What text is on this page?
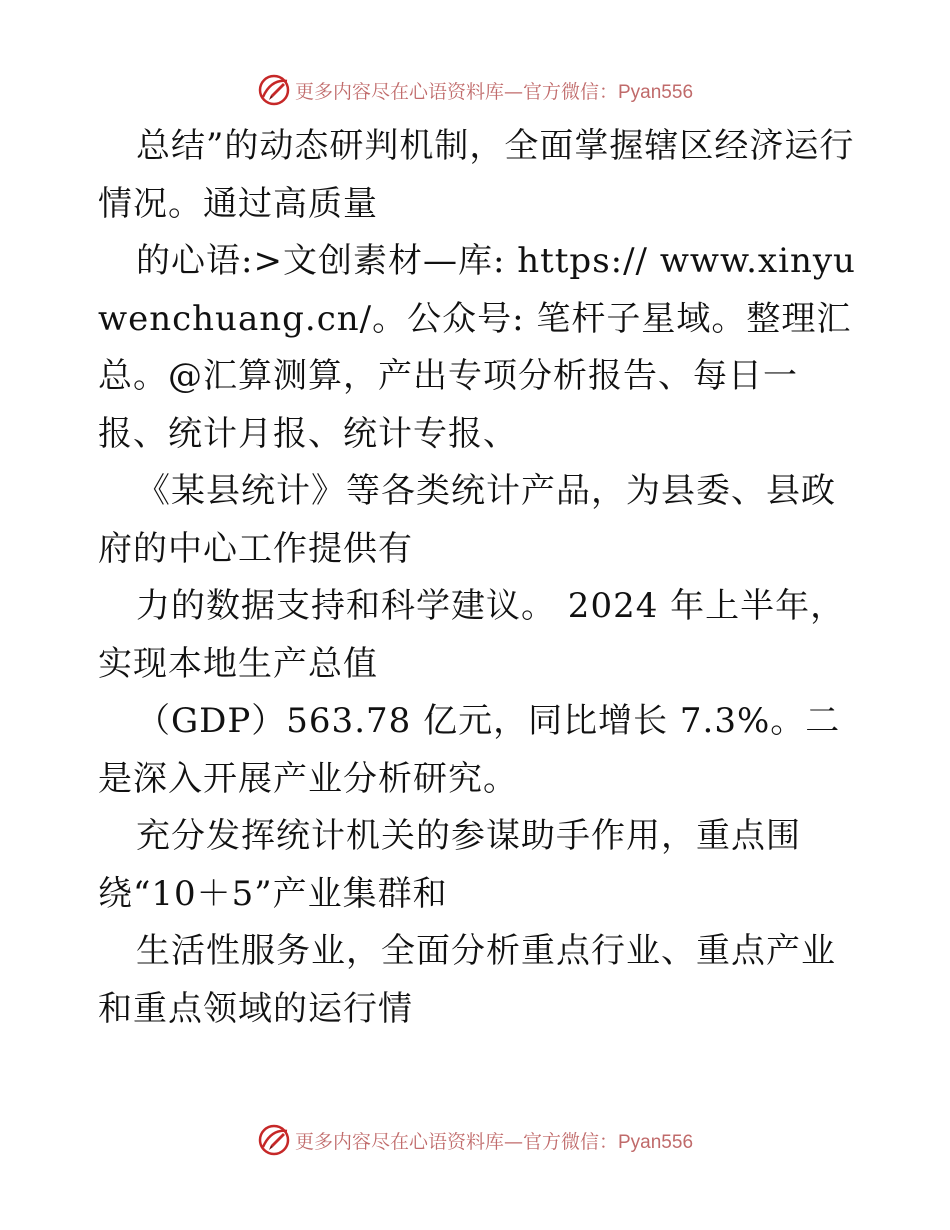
更多内容尽在心语资料库—官方微信：Pyan556

总结”的动态研判机制，全面掌握辖区经济运行情况。通过高质量

的心语:>文创素材—库: https:// www.xinyuwenchuang.cn/。公众号: 笔杆子星域。整理汇总。@汇算测算，产出专项分析报告、每日一报、统计月报、统计专报、

《某县统计》等各类统计产品，为县委、县政府的中心工作提供有

力的数据支持和科学建议。 2024 年上半年，实现本地生产总值

（GDP）563.78 亿元，同比增长 7.3%。二是深入开展产业分析研究。

充分发挥统计机关的参谋助手作用，重点围绕“10＋5”产业集群和

生活性服务业，全面分析重点行业、重点产业和重点领域的运行情

更多内容尽在心语资料库—官方微信：Pyan556
